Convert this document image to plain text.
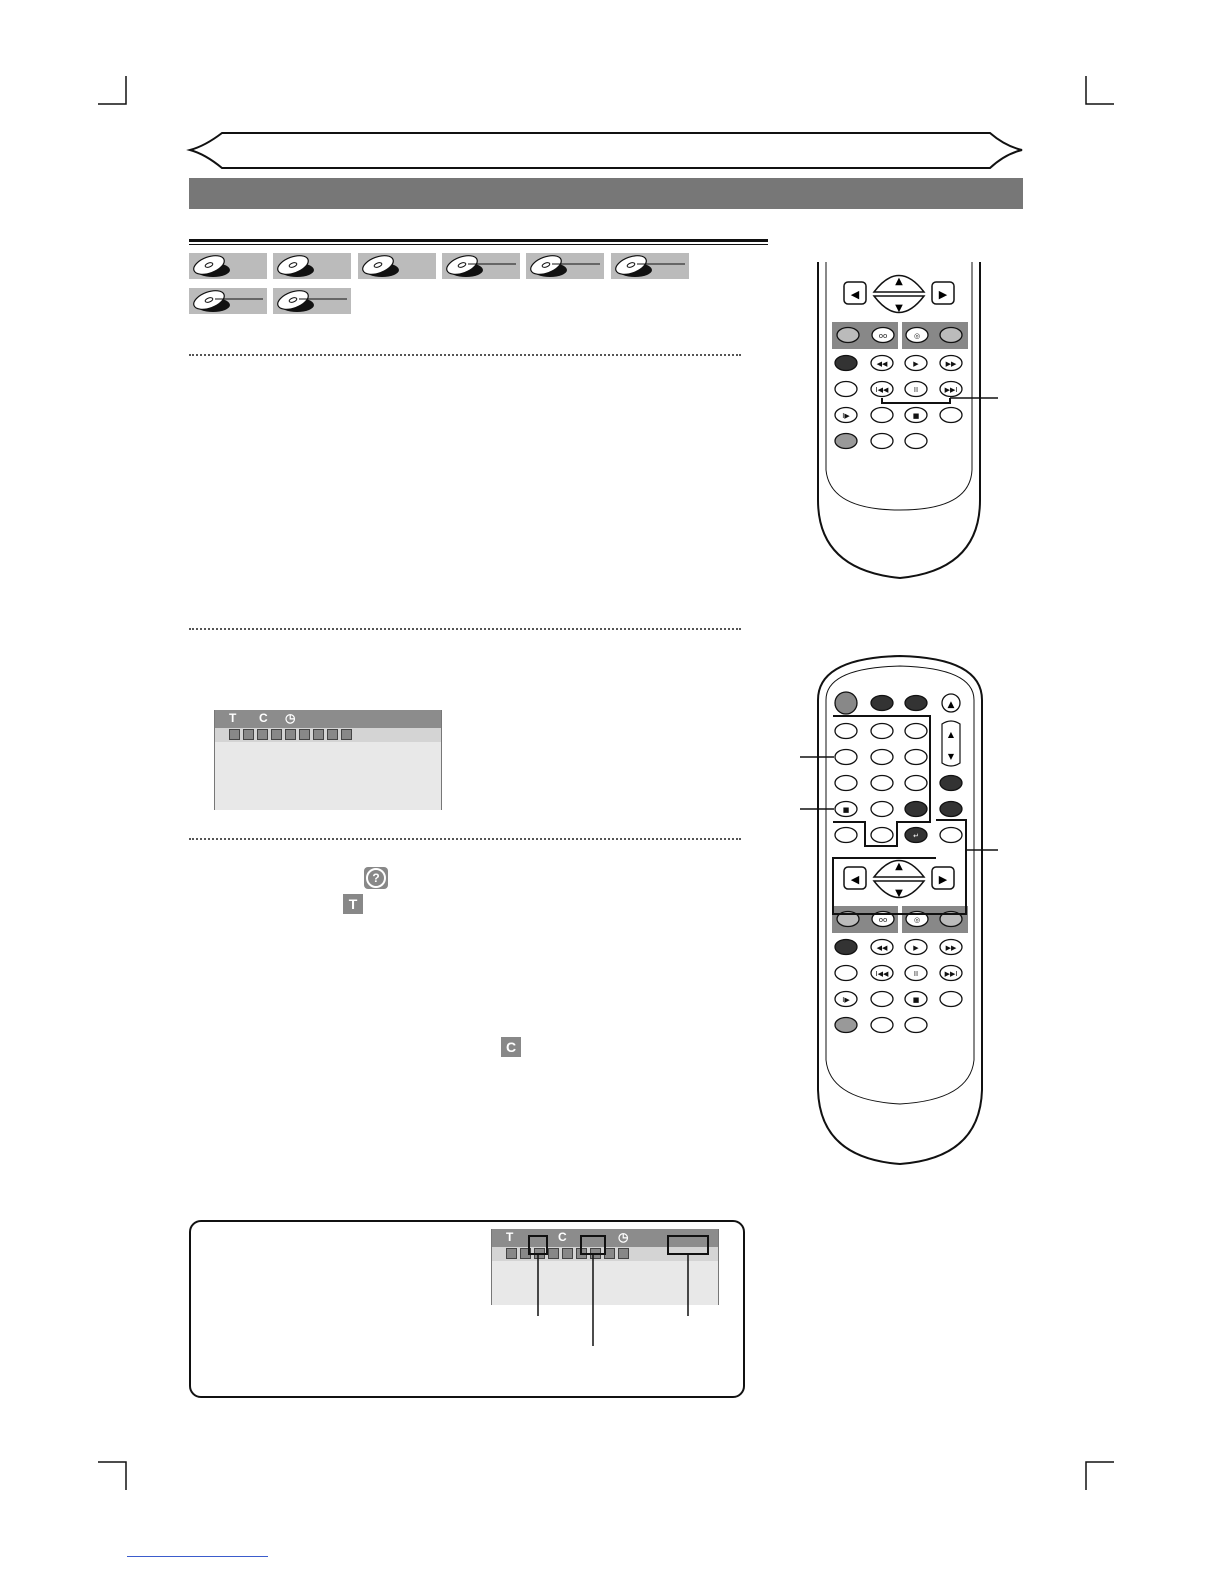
T C ◷
?
T
C
T	C	◷
◀	▶
▲
▼
oo	◎
◀◀	▶	▶▶
I◀◀	II	▶▶I
I▶	■
▲
▲
▼
■
↵
◀	▶
▲
▼
oo	◎
◀◀	▶	▶▶
I◀◀	II	▶▶I
I▶	■
